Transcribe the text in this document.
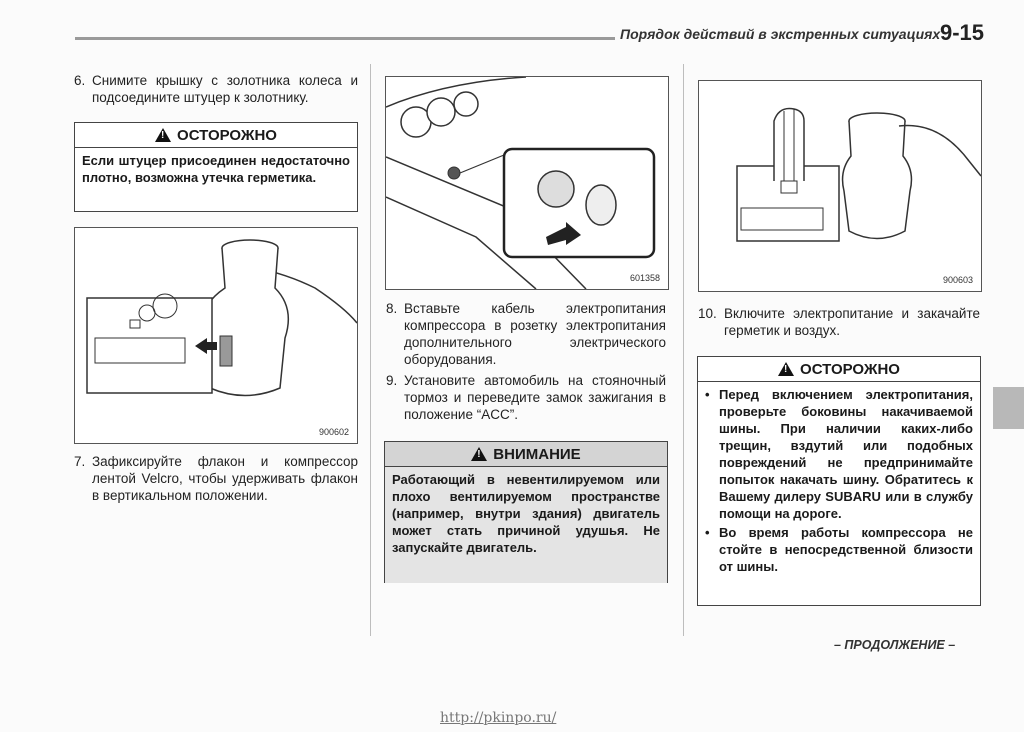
Порядок действий в экстренных ситуациях 9-15
6. Снимите крышку с золотника колеса и подсоедините штуцер к золотнику.
! ОСТОРОЖНО
Если штуцер присоединен недостаточно плотно, возможна утечка герметика.
900602
7. Зафиксируйте флакон и компрессор лентой Velcro, чтобы удерживать флакон в вертикальном положении.
601358
8. Вставьте кабель электропитания компрессора в розетку электропитания дополнительного электрического оборудования.
9. Установите автомобиль на стояночный тормоз и переведите замок зажигания в положение “ACC”.
! ВНИМАНИЕ
Работающий в невентилируемом или плохо вентилируемом пространстве (например, внутри здания) двигатель может стать причиной удушья. Не запускайте двигатель.
900603
10. Включите электропитание и закачайте герметик и воздух.
! ОСТОРОЖНО
• Перед включением электропитания, проверьте боковины накачиваемой шины. При наличии каких-либо трещин, вздутий или подобных повреждений не предпринимайте попыток накачать шину. Обратитесь к Вашему дилеру SUBARU или в службу помощи на дороге.
• Во время работы компрессора не стойте в непосредственной близости от шины.
– ПРОДОЛЖЕНИЕ –
http://pkinpo.ru/
